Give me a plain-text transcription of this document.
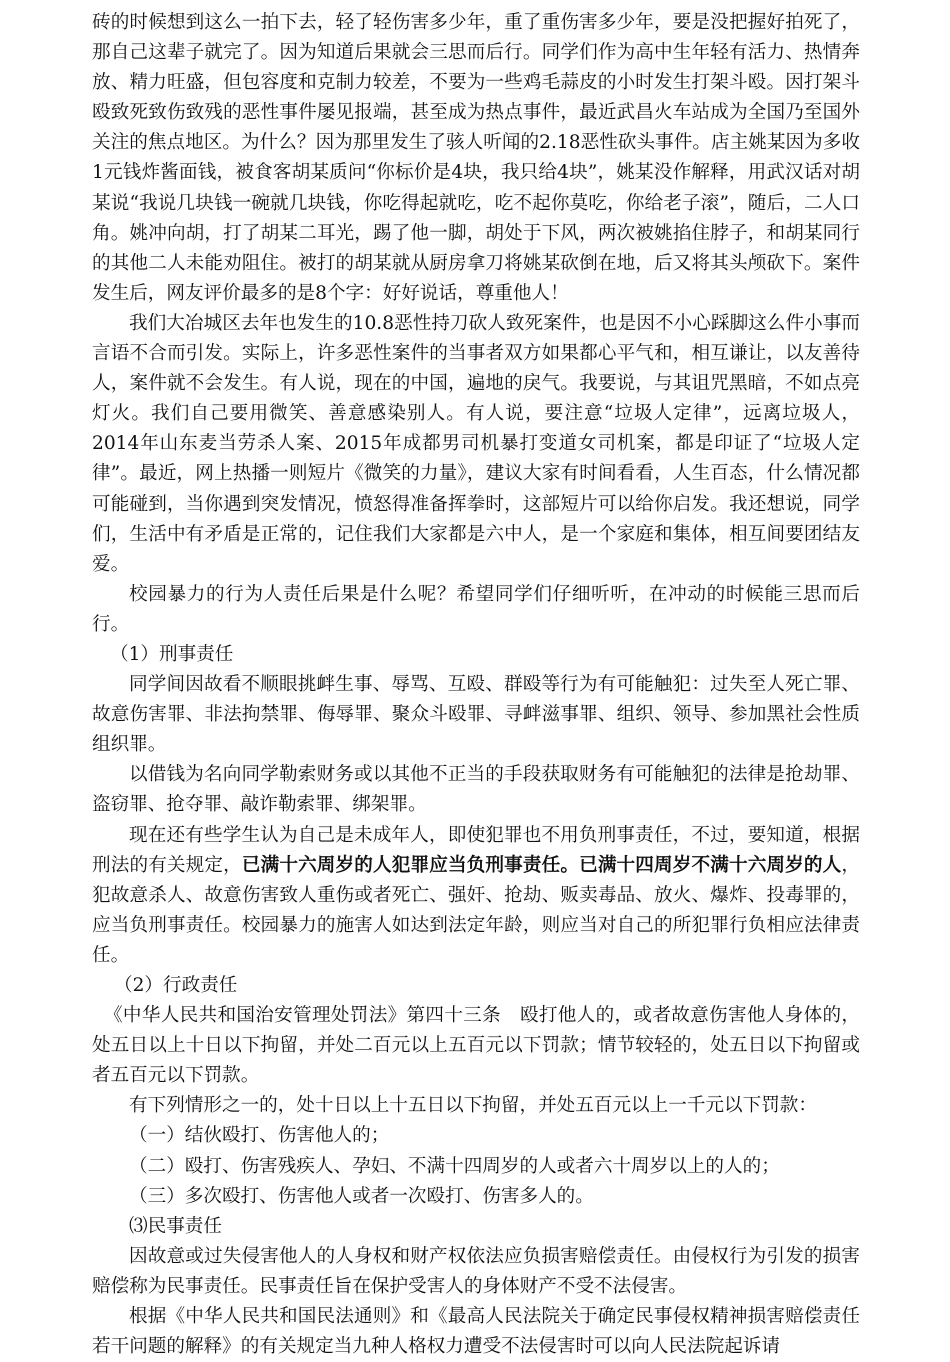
砖的时候想到这么一拍下去，轻了轻伤害多少年，重了重伤害多少年，要是没把握好拍死了，那自己这辈子就完了。因为知道后果就会三思而后行。同学们作为高中生年轻有活力、热情奔放、精力旺盛，但包容度和克制力较差，不要为一些鸡毛蒜皮的小时发生打架斗殴。因打架斗殴致死致伤致残的恶性事件屡见报端，甚至成为热点事件，最近武昌火车站成为全国乃至国外关注的焦点地区。为什么？因为那里发生了骇人听闻的2.18恶性砍头事件。店主姚某因为多收1元钱炸酱面钱，被食客胡某质问“你标价是4块，我只给4块”，姚某没作解释，用武汉话对胡某说“我说几块钱一碗就几块钱，你吃得起就吃，吃不起你莫吃，你给老子滚”，随后，二人口角。姚冲向胡，打了胡某二耳光，踢了他一脚，胡处于下风，两次被姚掐住脖子，和胡某同行的其他二人未能劝阻住。被打的胡某就从厨房拿刀将姚某砍倒在地，后又将其头颅砍下。案件发生后，网友评价最多的是8个字：好好说话，尊重他人！

我们大冶城区去年也发生的10.8恶性持刀砍人致死案件，也是因不小心踩脚这么件小事而言语不合而引发。实际上，许多恶性案件的当事者双方如果都心平气和，相互谦让，以友善待人，案件就不会发生。有人说，现在的中国，遍地的戾气。我要说，与其诅咒黑暗，不如点亮灯火。我们自己要用微笑、善意感染别人。有人说，要注意“垃圾人定律”，远离垃圾人，2014年山东麦当劳杀人案、2015年成都男司机暴打变道女司机案，都是印证了“垃圾人定律”。最近，网上热播一则短片《微笑的力量》，建议大家有时间看看，人生百态，什么情况都可能碰到，当你遇到突发情况，愤怒得准备挥拳时，这部短片可以给你启发。我还想说，同学们，生活中有矛盾是正常的，记住我们大家都是六中人，是一个家庭和集体，相互间要团结友爱。

校园暴力的行为人责任后果是什么呢？希望同学们仔细听听，在冲动的时候能三思而后行。

（1）刑事责任

同学间因故看不顺眼挑衅生事、辱骂、互殴、群殴等行为有可能触犯：过失至人死亡罪、故意伤害罪、非法拘禁罪、侮辱罪、聚众斗殴罪、寻衅滋事罪、组织、领导、参加黑社会性质组织罪。

以借钱为名向同学勒索财务或以其他不正当的手段获取财务有可能触犯的法律是抢劫罪、盗窃罪、抢夺罪、敲诈勒索罪、绑架罪。

现在还有些学生认为自己是未成年人，即使犯罪也不用负刑事责任，不过，要知道，根据刑法的有关规定，已满十六周岁的人犯罪应当负刑事责任。已满十四周岁不满十六周岁的人，犯故意杀人、故意伤害致人重伤或者死亡、强奸、抢劫、贩卖毒品、放火、爆炸、投毒罪的，应当负刑事责任。校园暴力的施害人如达到法定年龄，则应当对自己的所犯罪行负相应法律责任。

（2）行政责任

《中华人民共和国治安管理处罚法》第四十三条　殴打他人的，或者故意伤害他人身体的，处五日以上十日以下拘留，并处二百元以上五百元以下罚款；情节较轻的，处五日以下拘留或者五百元以下罚款。

有下列情形之一的，处十日以上十五日以下拘留，并处五百元以上一千元以下罚款：

（一）结伙殴打、伤害他人的；

（二）殴打、伤害残疾人、孕妇、不满十四周岁的人或者六十周岁以上的人的；

（三）多次殴打、伤害他人或者一次殴打、伤害多人的。

⑶民事责任

因故意或过失侵害他人的人身权和财产权依法应负损害赔偿责任。由侵权行为引发的损害赔偿称为民事责任。民事责任旨在保护受害人的身体财产不受不法侵害。

根据《中华人民共和国民法通则》和《最高人民法院关于确定民事侵权精神损害赔偿责任若干问题的解释》的有关规定当九种人格权力遭受不法侵害时可以向人民法院起诉请
